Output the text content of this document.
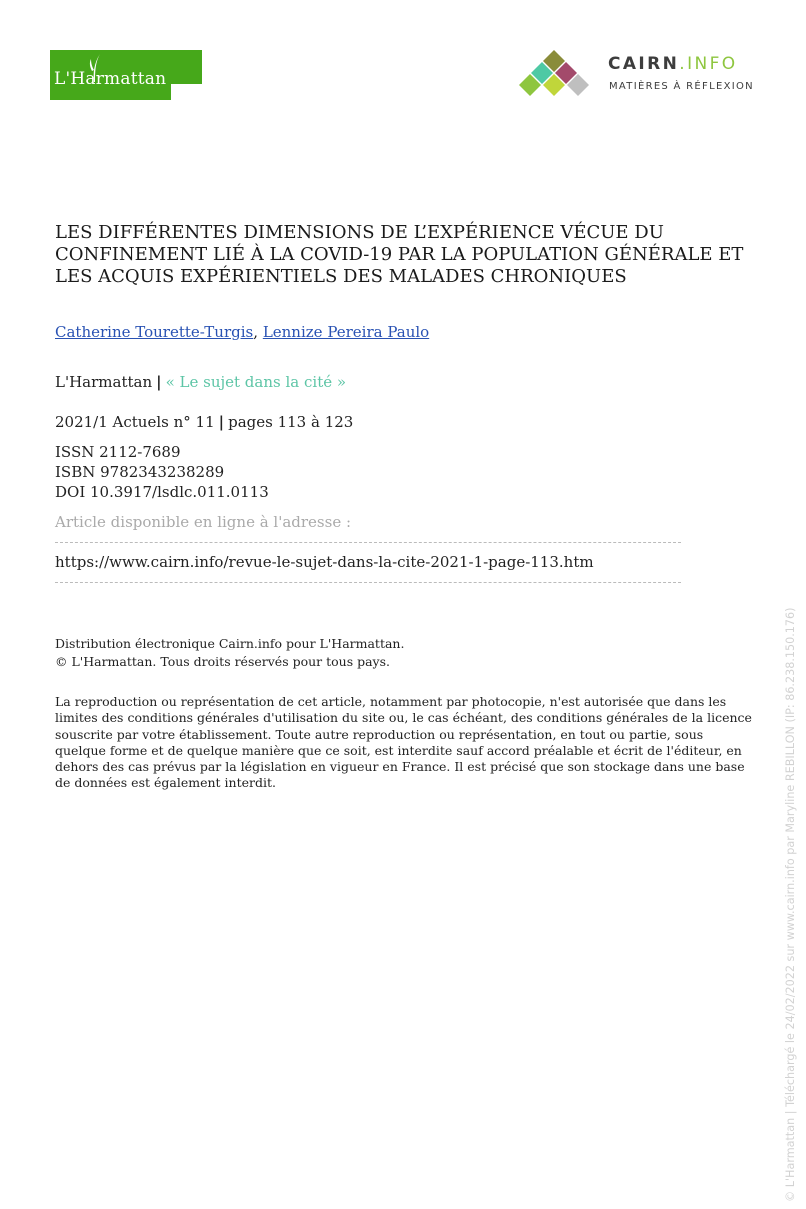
L'Harmattan
CAIRN.INFO
MATIÈRES À RÉFLEXION
LES DIFFÉRENTES DIMENSIONS DE L’EXPÉRIENCE VÉCUE DU CONFINEMENT LIÉ À LA COVID-19 PAR LA POPULATION GÉNÉRALE ET LES ACQUIS EXPÉRIENTIELS DES MALADES CHRONIQUES
Catherine Tourette-Turgis, Lennize Pereira Paulo
L'Harmattan | « Le sujet dans la cité »
2021/1 Actuels n° 11 | pages 113 à 123
ISSN 2112-7689
ISBN 9782343238289
DOI 10.3917/lsdlc.011.0113
Article disponible en ligne à l'adresse :
https://www.cairn.info/revue-le-sujet-dans-la-cite-2021-1-page-113.htm
Distribution électronique Cairn.info pour L'Harmattan.
© L'Harmattan. Tous droits réservés pour tous pays.

La reproduction ou représentation de cet article, notamment par photocopie, n'est autorisée que dans les limites des conditions générales d'utilisation du site ou, le cas échéant, des conditions générales de la licence souscrite par votre établissement. Toute autre reproduction ou représentation, en tout ou partie, sous quelque forme et de quelque manière que ce soit, est interdite sauf accord préalable et écrit de l'éditeur, en dehors des cas prévus par la législation en vigueur en France. Il est précisé que son stockage dans une base de données est également interdit.	© L'Harmattan | Téléchargé le 24/02/2022 sur www.cairn.info par Maryline REBILLON (IP: 86.238.150.176)
